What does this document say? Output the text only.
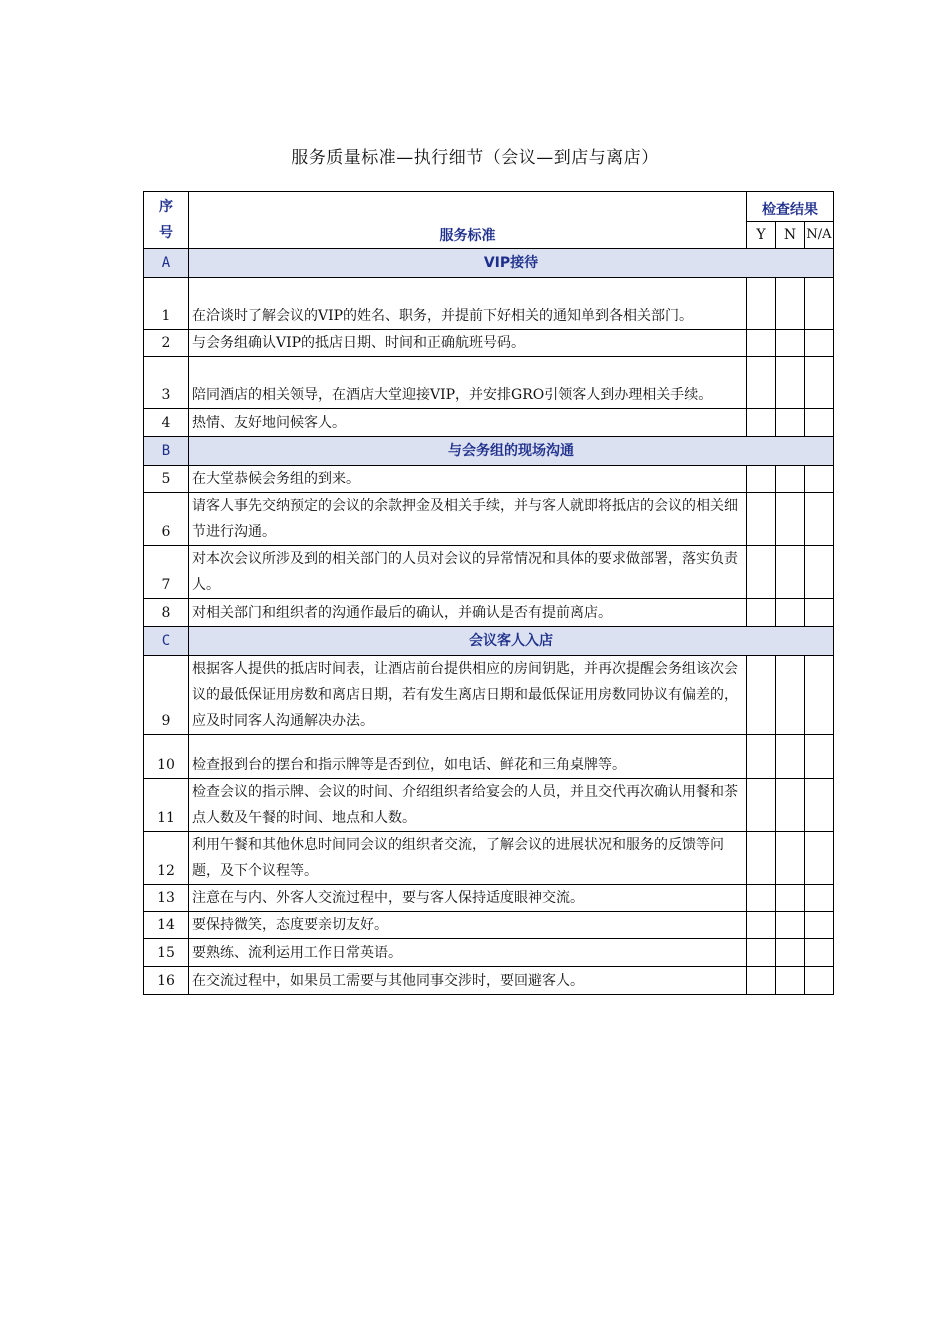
服务质量标准—执行细节（会议—到店与离店）
序
号	服务标准	检查结果		
		Y	N	N/A
A	VIP接待			
1	在洽谈时了解会议的VIP的姓名、职务，并提前下好相关的通知单到各相关部门。			
2	与会务组确认VIP的抵店日期、时间和正确航班号码。			
3	陪同酒店的相关领导，在酒店大堂迎接VIP，并安排GRO引领客人到办理相关手续。			
4	热情、友好地问候客人。			
B	与会务组的现场沟通			
5	在大堂恭候会务组的到来。			
6	请客人事先交纳预定的会议的余款押金及相关手续，并与客人就即将抵店的会议的相关细节进行沟通。			
7	对本次会议所涉及到的相关部门的人员对会议的异常情况和具体的要求做部署，落实负责人。			
8	对相关部门和组织者的沟通作最后的确认，并确认是否有提前离店。			
C	会议客人入店			
9	根据客人提供的抵店时间表，让酒店前台提供相应的房间钥匙，并再次提醒会务组该次会议的最低保证用房数和离店日期，若有发生离店日期和最低保证用房数同协议有偏差的，应及时同客人沟通解决办法。			
10	检查报到台的摆台和指示牌等是否到位，如电话、鲜花和三角桌牌等。			
11	检查会议的指示牌、会议的时间、介绍组织者给宴会的人员，并且交代再次确认用餐和茶点人数及午餐的时间、地点和人数。			
12	利用午餐和其他休息时间同会议的组织者交流，了解会议的进展状况和服务的反馈等问题，及下个议程等。			
13	注意在与内、外客人交流过程中，要与客人保持适度眼神交流。			
14	要保持微笑，态度要亲切友好。			
15	要熟练、流利运用工作日常英语。			
16	在交流过程中，如果员工需要与其他同事交涉时，要回避客人。			
